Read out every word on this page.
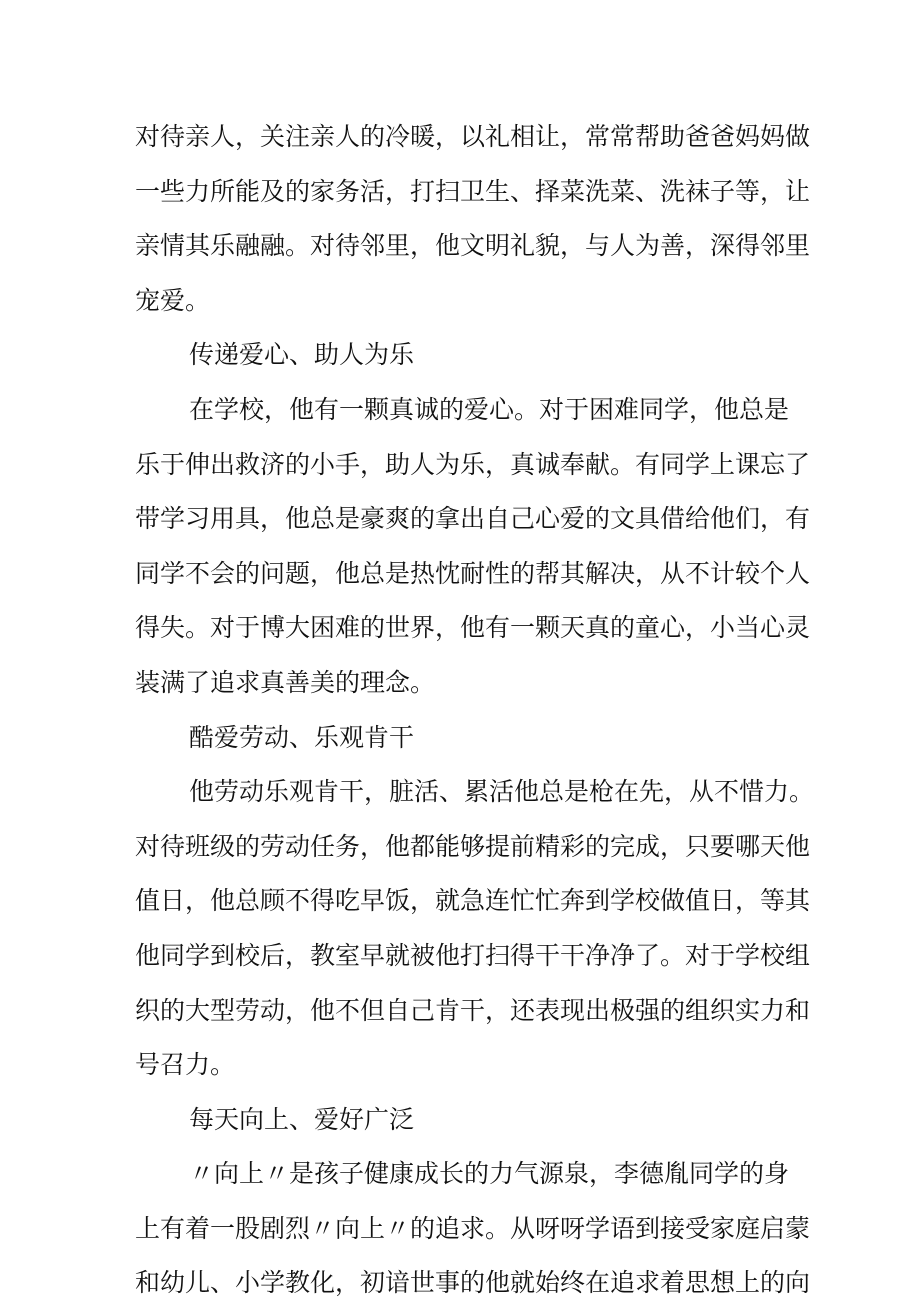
对待亲人，关注亲人的冷暖，以礼相让，常常帮助爸爸妈妈做
一些力所能及的家务活，打扫卫生、择菜洗菜、洗袜子等，让
亲情其乐融融。对待邻里，他文明礼貌，与人为善，深得邻里
宠爱。
传递爱心、助人为乐
在学校，他有一颗真诚的爱心。对于困难同学，他总是
乐于伸出救济的小手，助人为乐，真诚奉献。有同学上课忘了
带学习用具，他总是豪爽的拿出自己心爱的文具借给他们，有
同学不会的问题，他总是热忱耐性的帮其解决，从不计较个人
得失。对于博大困难的世界，他有一颗天真的童心，小当心灵
装满了追求真善美的理念。
酷爱劳动、乐观肯干
他劳动乐观肯干，脏活、累活他总是枪在先，从不惜力。
对待班级的劳动任务，他都能够提前精彩的完成，只要哪天他
值日，他总顾不得吃早饭，就急连忙忙奔到学校做值日，等其
他同学到校后，教室早就被他打扫得干干净净了。对于学校组
织的大型劳动，他不但自己肯干，还表现出极强的组织实力和
号召力。
每天向上、爱好广泛
〃向上〃是孩子健康成长的力气源泉，李德胤同学的身
上有着一股剧烈〃向上〃的追求。从呀呀学语到接受家庭启蒙
和幼儿、小学教化，初谙世事的他就始终在追求着思想上的向
